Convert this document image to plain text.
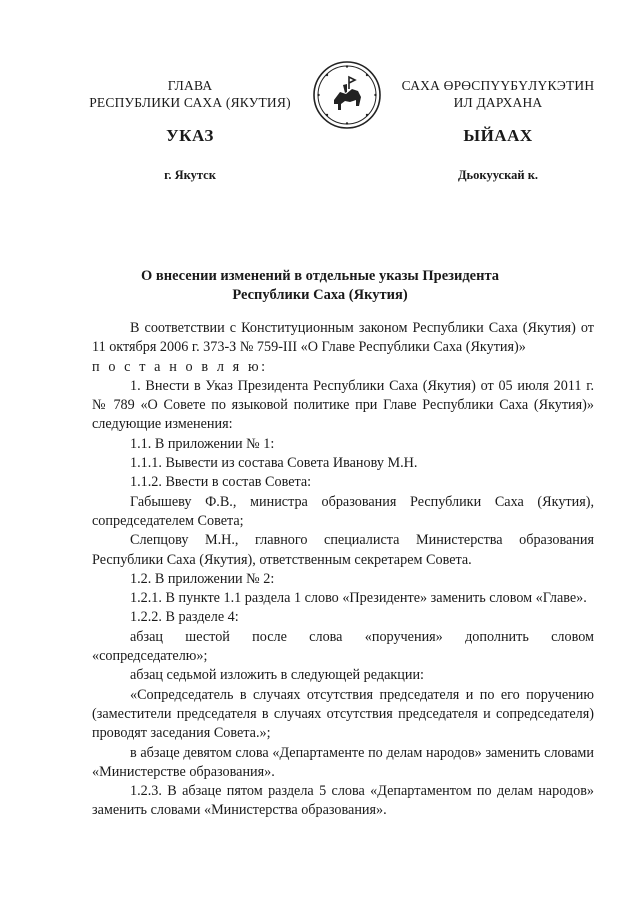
ГЛАВА
РЕСПУБЛИКИ САХА (ЯКУТИЯ)
САХА ӨРӨСПҮҮБҮЛҮКЭТИН
ИЛ ДАРХАНА
УКАЗ	ЫЙААХ
г. Якутск	Дьокуускай к.
О внесении изменений в отдельные указы Президента
Республики Саха (Якутия)

В соответствии с Конституционным законом Республики Саха (Якутия) от 11 октября 2006 г. 373-З № 759-III «О Главе Республики Саха (Якутия)»

п о с т а н о в л я ю:

1. Внести в Указ Президента Республики Саха (Якутия) от 05 июля 2011 г. № 789 «О Совете по языковой политике при Главе Республики Саха (Якутия)» следующие изменения:

1.1. В приложении № 1:

1.1.1. Вывести из состава Совета Иванову М.Н.

1.1.2. Ввести в состав Совета:

Габышеву Ф.В., министра образования Республики Саха (Якутия), сопредседателем Совета;

Слепцову М.Н., главного специалиста Министерства образования Республики Саха (Якутия), ответственным секретарем Совета.

1.2. В приложении № 2:

1.2.1. В пункте 1.1 раздела 1 слово «Президенте» заменить словом «Главе».

1.2.2. В разделе 4:

абзац шестой после слова «поручения» дополнить словом «сопредседателю»;

абзац седьмой изложить в следующей редакции:

«Сопредседатель в случаях отсутствия председателя и по его поручению (заместители председателя в случаях отсутствия председателя и сопредседателя) проводят заседания Совета.»;

в абзаце девятом слова «Департаменте по делам народов» заменить словами «Министерстве образования».

1.2.3. В абзаце пятом раздела 5 слова «Департаментом по делам народов» заменить словами «Министерства образования».
